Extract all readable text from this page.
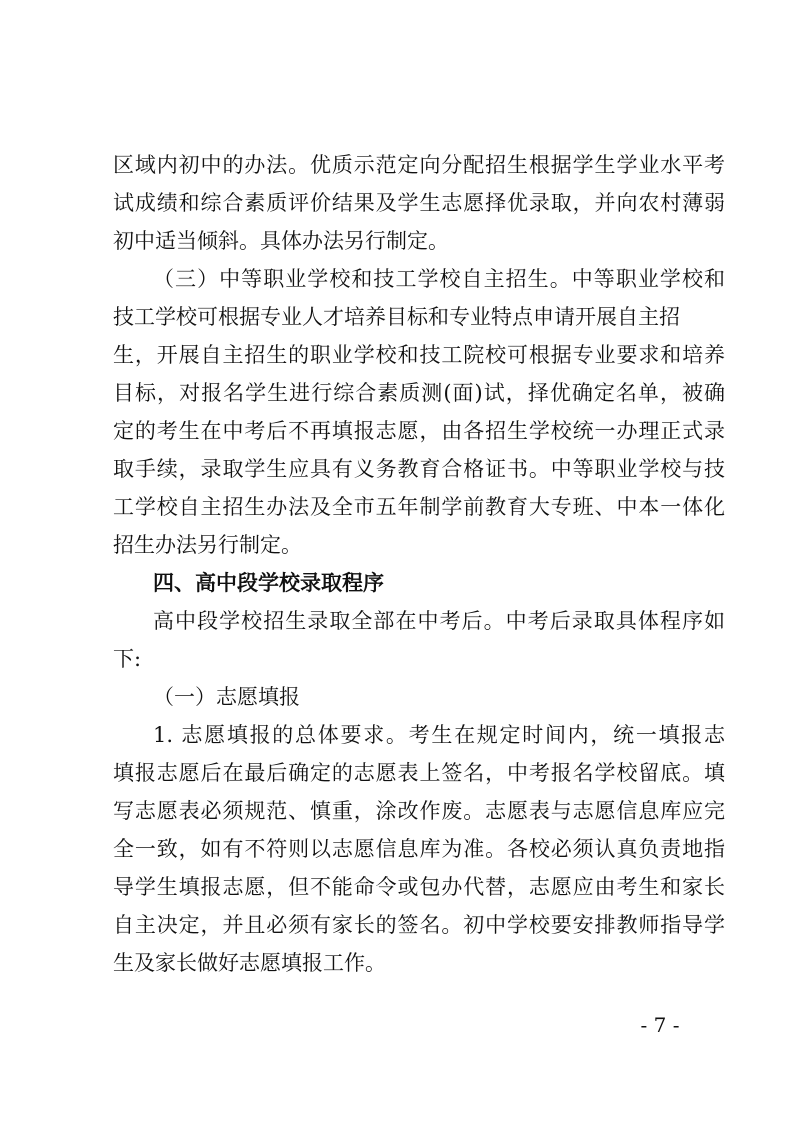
区域内初中的办法。优质示范定向分配招生根据学生学业水平考
试成绩和综合素质评价结果及学生志愿择优录取，并向农村薄弱
初中适当倾斜。具体办法另行制定。
（三）中等职业学校和技工学校自主招生。中等职业学校和
技工学校可根据专业人才培养目标和专业特点申请开展自主招
生，开展自主招生的职业学校和技工院校可根据专业要求和培养
目标，对报名学生进行综合素质测(面)试，择优确定名单，被确
定的考生在中考后不再填报志愿，由各招生学校统一办理正式录
取手续，录取学生应具有义务教育合格证书。中等职业学校与技
工学校自主招生办法及全市五年制学前教育大专班、中本一体化
招生办法另行制定。
四、高中段学校录取程序
高中段学校招生录取全部在中考后。中考后录取具体程序如
下:
（一）志愿填报
1. 志愿填报的总体要求。考生在规定时间内，统一填报志
填报志愿后在最后确定的志愿表上签名，中考报名学校留底。填
写志愿表必须规范、慎重，涂改作废。志愿表与志愿信息库应完
全一致，如有不符则以志愿信息库为准。各校必须认真负责地指
导学生填报志愿，但不能命令或包办代替，志愿应由考生和家长
自主决定，并且必须有家长的签名。初中学校要安排教师指导学
生及家长做好志愿填报工作。
- 7 -
